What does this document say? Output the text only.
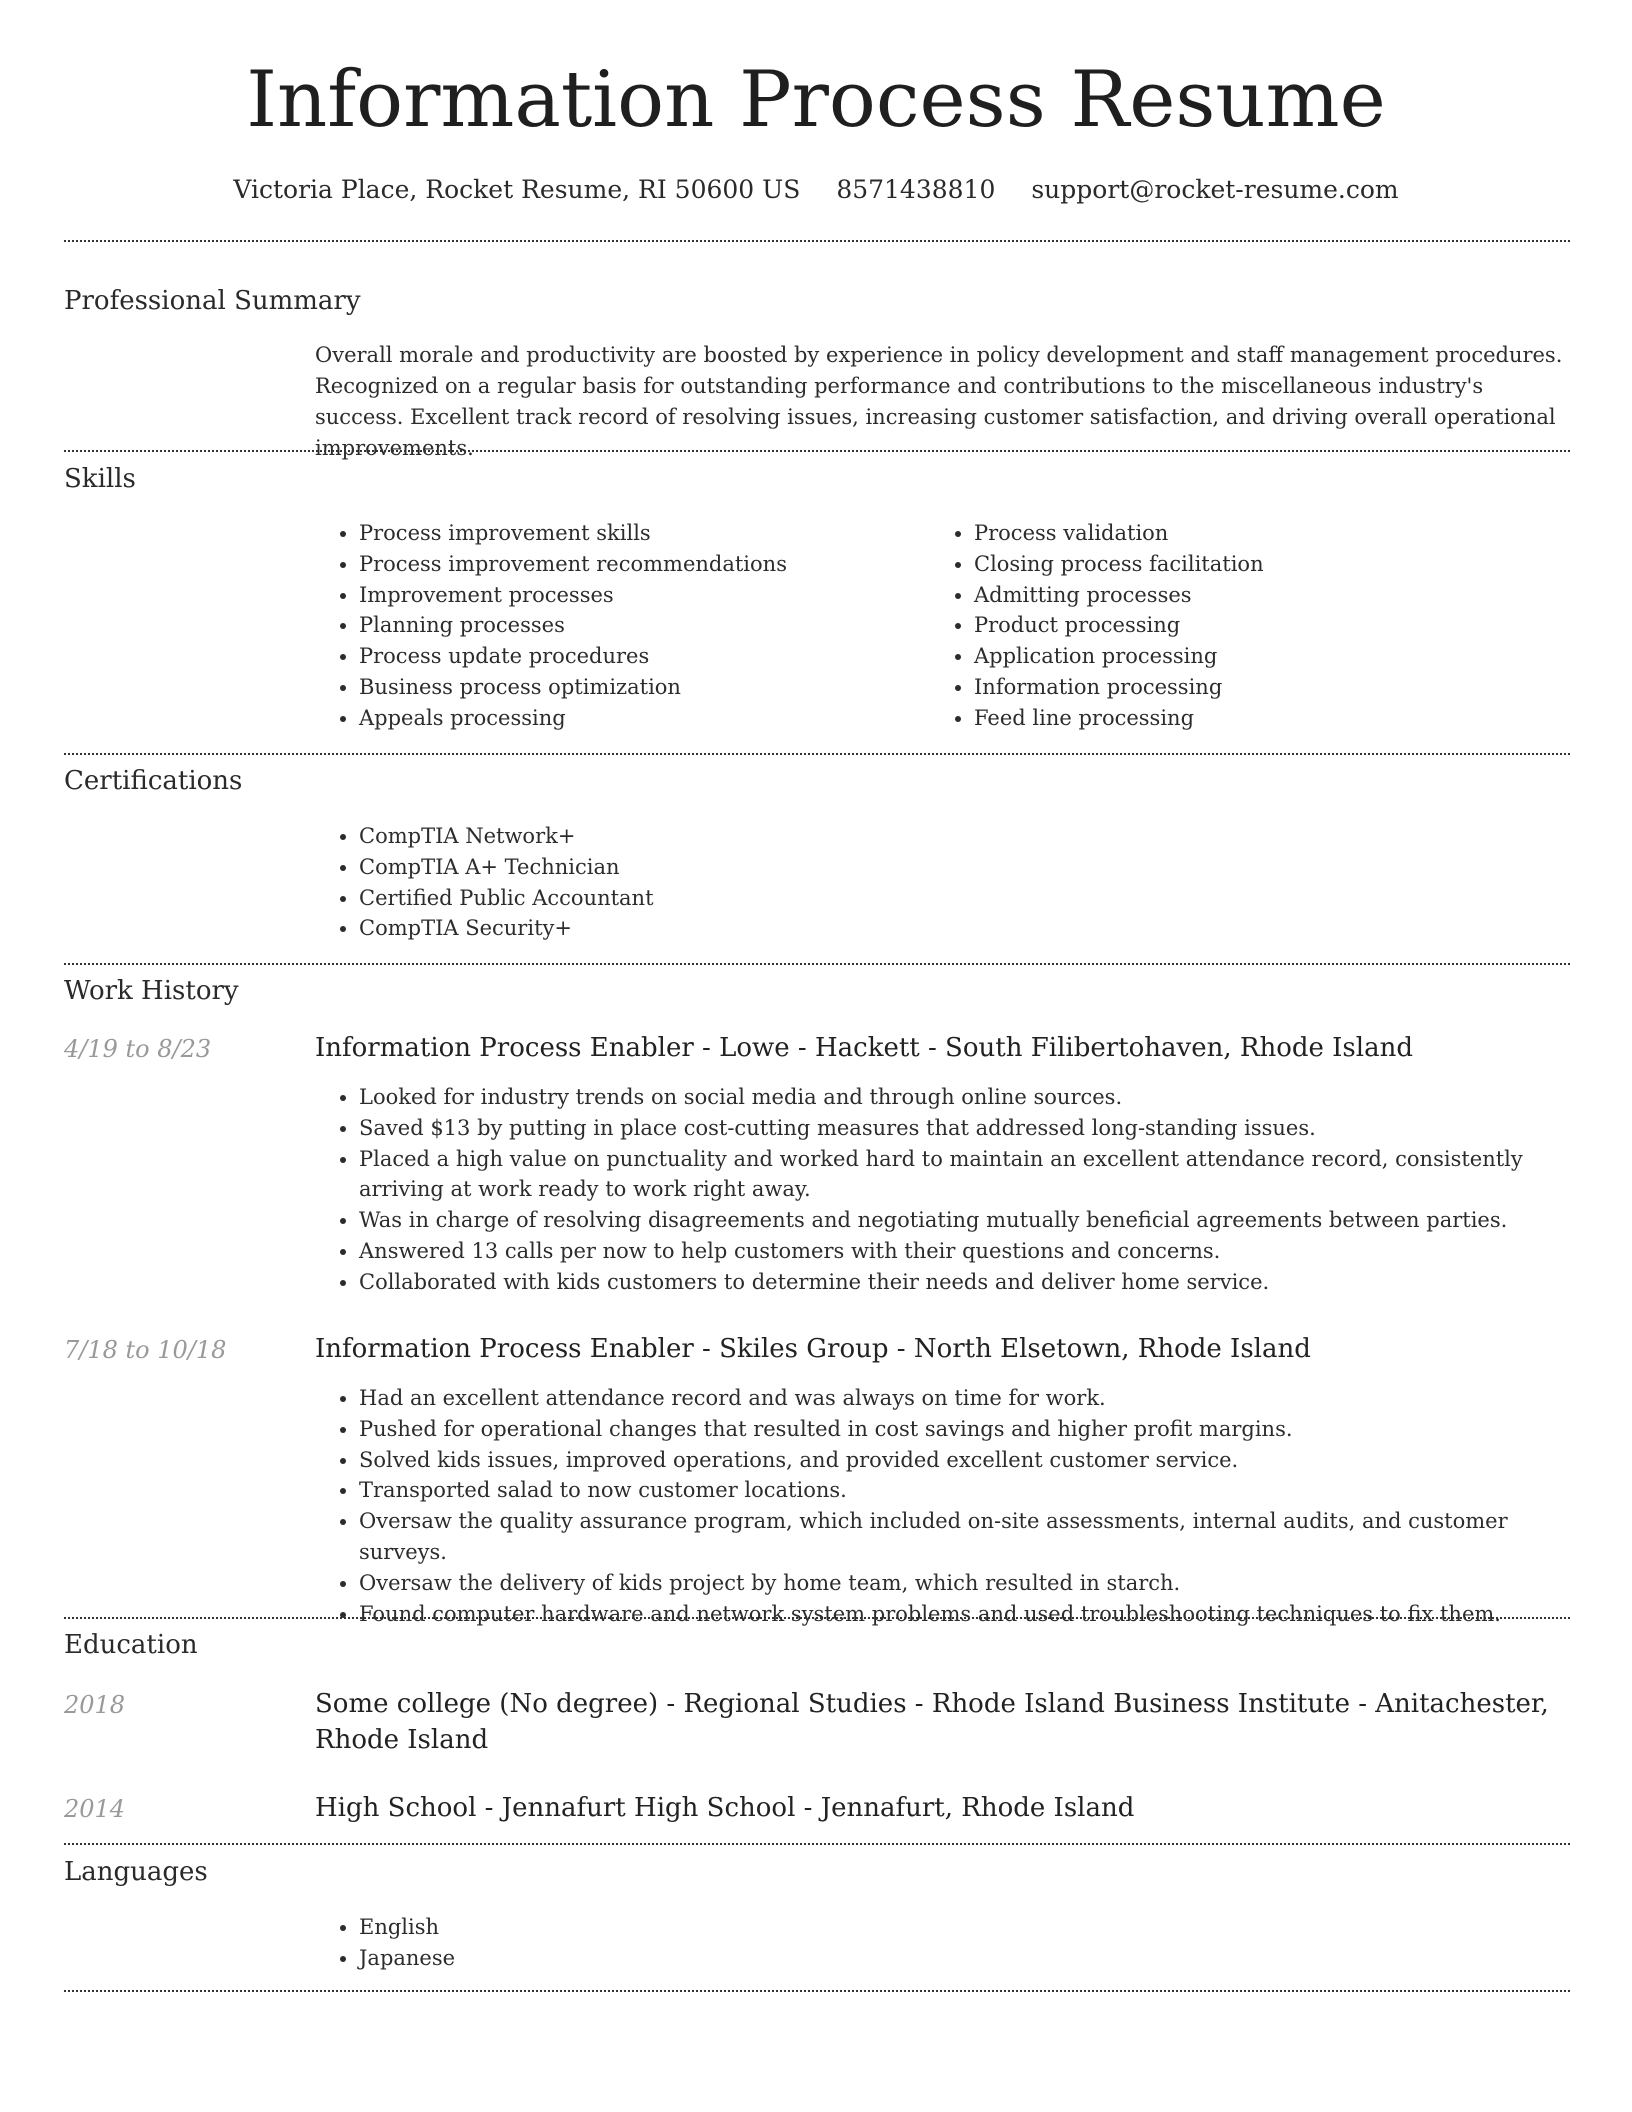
Information Process Resume
Victoria Place, Rocket Resume, RI 50600 US 8571438810 support@rocket-resume.com
Professional Summary
Overall morale and productivity are boosted by experience in policy development and staff management procedures. Recognized on a regular basis for outstanding performance and contributions to the miscellaneous industry's success. Excellent track record of resolving issues, increasing customer satisfaction, and driving overall operational improvements.
Skills
• Process improvement skills
• Process improvement recommendations
• Improvement processes
• Planning processes
• Process update procedures
• Business process optimization
• Appeals processing
• Process validation
• Closing process facilitation
• Admitting processes
• Product processing
• Application processing
• Information processing
• Feed line processing
Certifications
• CompTIA Network+
• CompTIA A+ Technician
• Certified Public Accountant
• CompTIA Security+
Work History
4/19 to 8/23	Information Process Enabler - Lowe - Hackett - South Filibertohaven, Rhode Island
• Looked for industry trends on social media and through online sources.
• Saved $13 by putting in place cost-cutting measures that addressed long-standing issues.
• Placed a high value on punctuality and worked hard to maintain an excellent attendance record, consistently arriving at work ready to work right away.
• Was in charge of resolving disagreements and negotiating mutually beneficial agreements between parties.
• Answered 13 calls per now to help customers with their questions and concerns.
• Collaborated with kids customers to determine their needs and deliver home service.
7/18 to 10/18	Information Process Enabler - Skiles Group - North Elsetown, Rhode Island
• Had an excellent attendance record and was always on time for work.
• Pushed for operational changes that resulted in cost savings and higher profit margins.
• Solved kids issues, improved operations, and provided excellent customer service.
• Transported salad to now customer locations.
• Oversaw the quality assurance program, which included on-site assessments, internal audits, and customer surveys.
• Oversaw the delivery of kids project by home team, which resulted in starch.
• Found computer hardware and network system problems and used troubleshooting techniques to fix them.
Education
2018	Some college (No degree) - Regional Studies - Rhode Island Business Institute - Anitachester, Rhode Island
2014	High School - Jennafurt High School - Jennafurt, Rhode Island
Languages
• English
• Japanese
